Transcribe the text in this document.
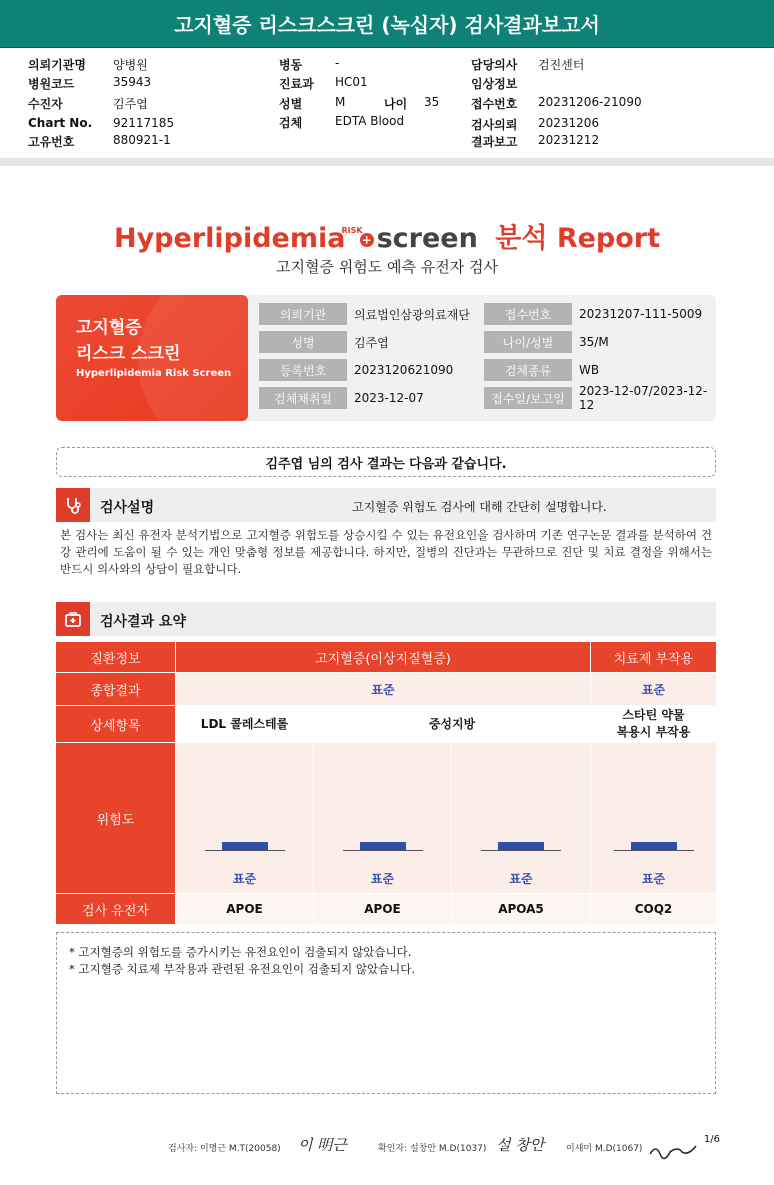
고지혈증 리스크스크린 (녹십자) 검사결과보고서
의뢰기관명 양병원
병원코드	35943
수진자	김주엽
Chart No. 92117185
고유번호	880921-1
병동	-
진료과 HC01
성별	M	나이 35
검체	EDTA Blood
담당의사 검진센터
임상정보
접수번호 20231206-21090
검사의뢰 20231206
결과보고 20231212
Hyperlipidemia$^{RISK}$+ screen 분석 Report
고지혈증 위험도 예측 유전자 검사
고지혈증
리스크 스크린
Hyperlipidemia Risk Screen
의뢰기관	의료법인삼광의료재단	접수번호	20231207-111-5009
성명	김주엽	나이/성별	35/M
등록번호	2023120621090	검체종류	WB
검체채취일	2023-12-07	접수일/보고일
2023-12-07/2023-12-12
김주엽 님의 검사 결과는 다음과 같습니다.
검사설명	고지혈증 위험도 검사에 대해 간단히 설명합니다.
본 검사는 최신 유전자 분석기법으로 고지혈증 위험도를 상승시킬 수 있는 유전요인을 검사하며 기존 연구논문 결과를 분석하여 건강 관리에 도움이 될 수 있는 개인 맞춤형 정보를 제공합니다. 하지만, 질병의 진단과는 무관하므로 진단 및 치료 결정을 위해서는 반드시 의사와의 상담이 필요합니다.
검사결과 요약
질환정보	고지혈증(이상지질혈증)	치료제 부작용
종합결과	표준	표준
상세항목	LDL 콜레스테롤	중성지방
스타틴 약물
복용시 부작용
위험도
표준	표준	표준	표준
검사 유전자	APOE	APOE	APOA5	COQ2
* 고지혈증의 위험도를 증가시키는 유전요인이 검출되지 않았습니다.
* 고지혈증 치료제 부작용과 관련된 유전요인이 검출되지 않았습니다.
검사자: 이명근 M.T(20058) 이 明근	확인자: 설창안 M.D(1037) 설 창안 이새미 M.D(1067)
1/6
